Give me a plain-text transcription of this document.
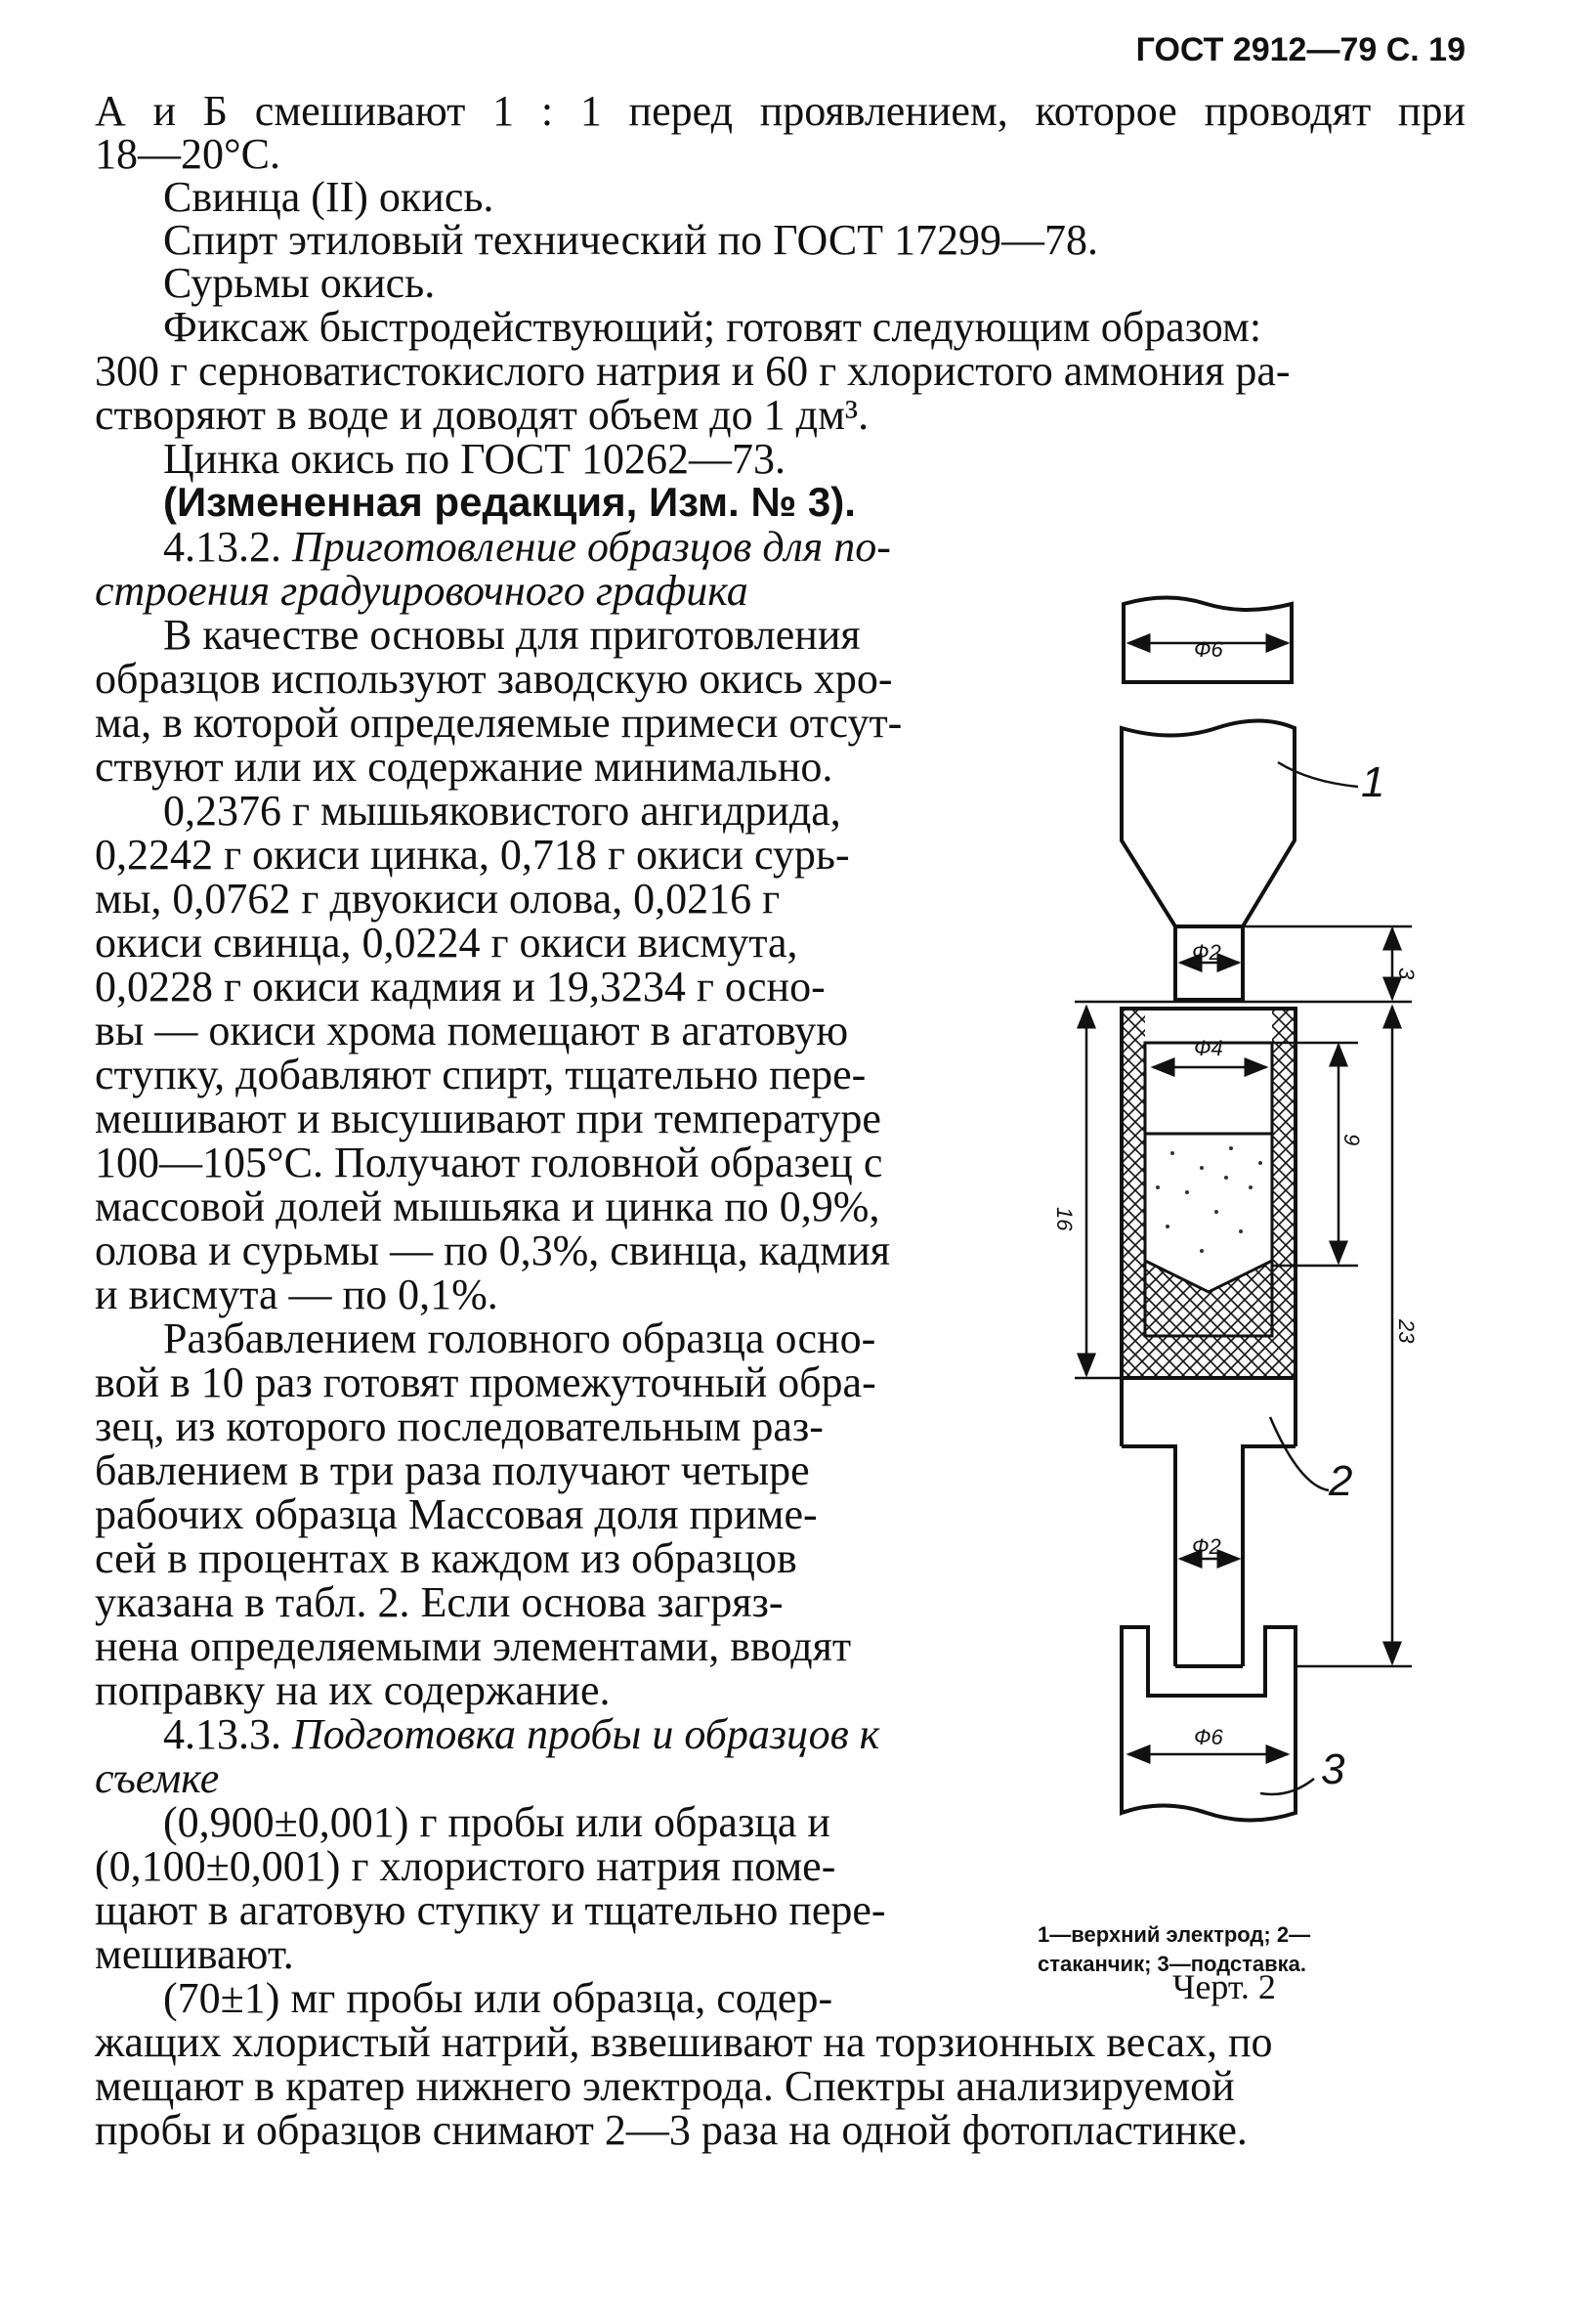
ГОСТ 2912—79 С. 19
А и Б смешивают 1 : 1 перед проявлением, которое проводят при
18—20°С.
Свинца (II) окись.
Спирт этиловый технический по ГОСТ 17299—78.
Сурьмы окись.
Фиксаж быстродействующий; готовят следующим образом:
300 г серноватистокислого натрия и 60 г хлористого аммония ра-
створяют в воде и доводят объем до 1 дм³.
Цинка окись по ГОСТ 10262—73.
(Измененная редакция, Изм. № 3).
4.13.2. Приготовление образцов для по-
строения градуировочного графика
В качестве основы для приготовления
образцов используют заводскую окись хро-
ма, в которой определяемые примеси отсут-
ствуют или их содержание минимально.
0,2376 г мышьяковистого ангидрида,
0,2242 г окиси цинка, 0,718 г окиси сурь-
мы, 0,0762 г двуокиси олова, 0,0216 г
окиси свинца, 0,0224 г окиси висмута,
0,0228 г окиси кадмия и 19,3234 г осно-
вы — окиси хрома помещают в агатовую
ступку, добавляют спирт, тщательно пере-
мешивают и высушивают при температуре
100—105°С. Получают головной образец с
массовой долей мышьяка и цинка по 0,9%,
олова и сурьмы — по 0,3%, свинца, кадмия
и висмута — по 0,1%.
Разбавлением головного образца осно-
вой в 10 раз готовят промежуточный обра-
зец, из которого последовательным раз-
бавлением в три раза получают четыре
рабочих образца Массовая доля приме-
сей в процентах в каждом из образцов
указана в табл. 2. Если основа загряз-
нена определяемыми элементами, вводят
поправку на их содержание.
4.13.3. Подготовка пробы и образцов к
съемке
(0,900±0,001) г пробы или образца и
(0,100±0,001) г хлористого натрия поме-
щают в агатовую ступку и тщательно пере-
мешивают.
(70±1) мг пробы или образца, содер-
жащих хлористый натрий, взвешивают на торзионных весах, по
мещают в кратер нижнего электрода. Спектры анализируемой
пробы и образцов снимают 2—3 раза на одной фотопластинке.
1—верхний электрод; 2—
стаканчик; 3—подставка.
Черт. 2
Ф6
Ф2
Ф4
Ф2
Ф6
3
9
16
23
1
2
3
